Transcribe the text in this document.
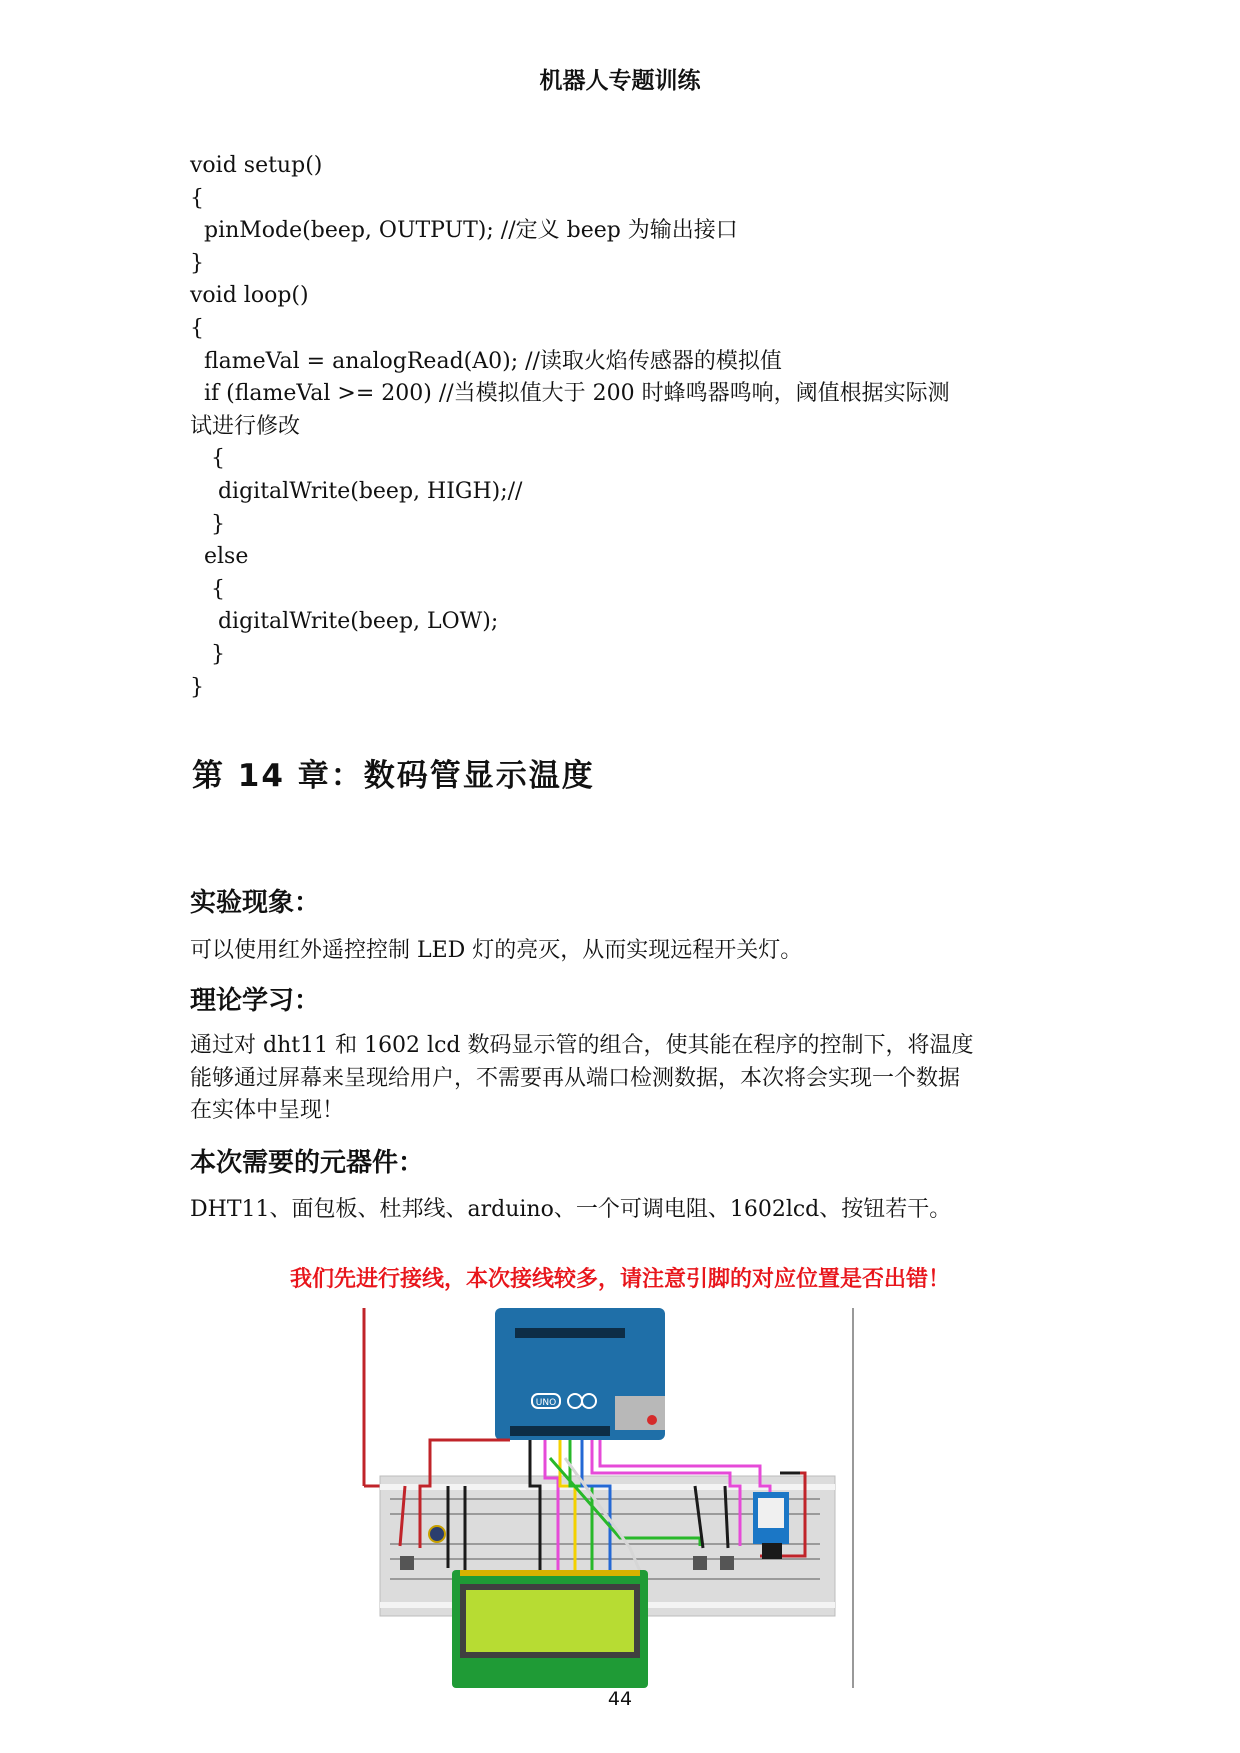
机器人专题训练
void setup()
{
pinMode(beep, OUTPUT); //定义 beep 为输出接口
}
void loop()
{
flameVal = analogRead(A0); //读取火焰传感器的模拟值
if (flameVal >= 200) //当模拟值大于 200 时蜂鸣器鸣响，阈值根据实际测
试进行修改
{
digitalWrite(beep, HIGH);//
}
else
{
digitalWrite(beep, LOW);
}
}
第 14 章：数码管显示温度
实验现象：
可以使用红外遥控控制 LED 灯的亮灭，从而实现远程开关灯。
理论学习：
通过对 dht11 和 1602 lcd 数码显示管的组合，使其能在程序的控制下，将温度
能够通过屏幕来呈现给用户，不需要再从端口检测数据，本次将会实现一个数据
在实体中呈现！
本次需要的元器件：
DHT11、面包板、杜邦线、arduino、一个可调电阻、1602lcd、按钮若干。
我们先进行接线，本次接线较多，请注意引脚的对应位置是否出错！
UNO
44
